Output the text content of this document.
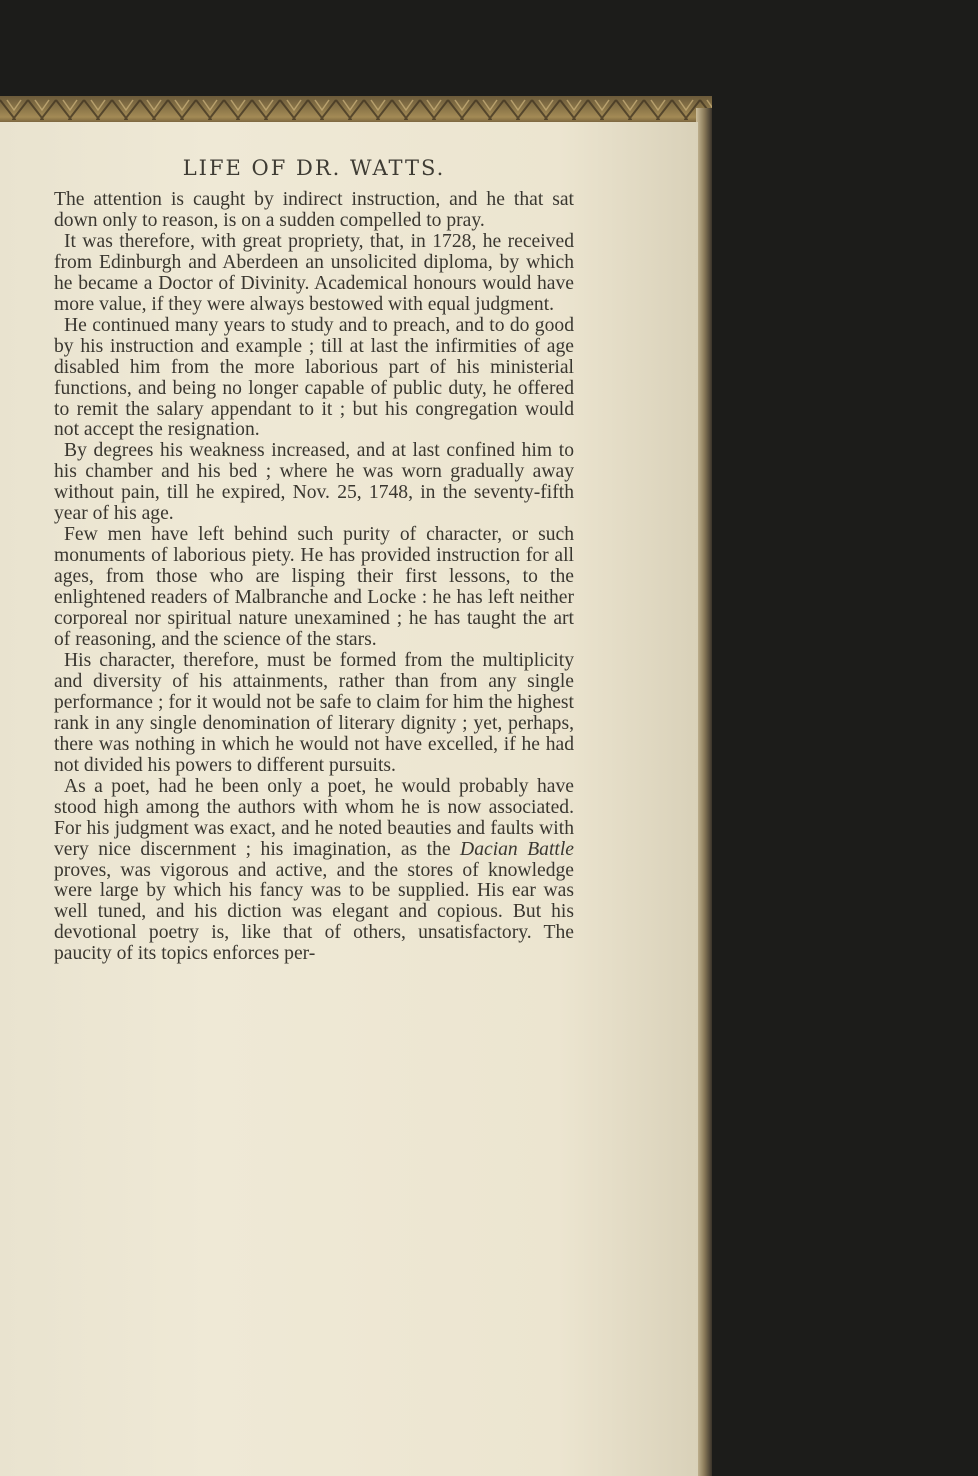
LIFE OF DR. WATTS.

The attention is caught by indirect instruction, and he that sat down only to reason, is on a sudden compelled to pray.

It was therefore, with great propriety, that, in 1728, he received from Edinburgh and Aberdeen an unsolicited diploma, by which he became a Doctor of Divinity. Academical honours would have more value, if they were always bestowed with equal judgment.

He continued many years to study and to preach, and to do good by his instruction and example ; till at last the infirmities of age disabled him from the more laborious part of his ministerial functions, and being no longer capable of public duty, he offered to remit the salary appendant to it ; but his congregation would not accept the resignation.

By degrees his weakness increased, and at last confined him to his chamber and his bed ; where he was worn gradually away without pain, till he expired, Nov. 25, 1748, in the seventy-fifth year of his age.

Few men have left behind such purity of character, or such monuments of laborious piety. He has provided instruction for all ages, from those who are lisping their first lessons, to the enlightened readers of Malbranche and Locke : he has left neither corporeal nor spiritual nature unexamined ; he has taught the art of reasoning, and the science of the stars.

His character, therefore, must be formed from the multiplicity and diversity of his attainments, rather than from any single performance ; for it would not be safe to claim for him the highest rank in any single denomination of literary dignity ; yet, perhaps, there was nothing in which he would not have excelled, if he had not divided his powers to different pursuits.

As a poet, had he been only a poet, he would probably have stood high among the authors with whom he is now associated. For his judgment was exact, and he noted beauties and faults with very nice discernment ; his imagination, as the Dacian Battle proves, was vigorous and active, and the stores of knowledge were large by which his fancy was to be supplied. His ear was well tuned, and his diction was elegant and copious. But his devotional poetry is, like that of others, unsatisfactory. The paucity of its topics enforces per-
